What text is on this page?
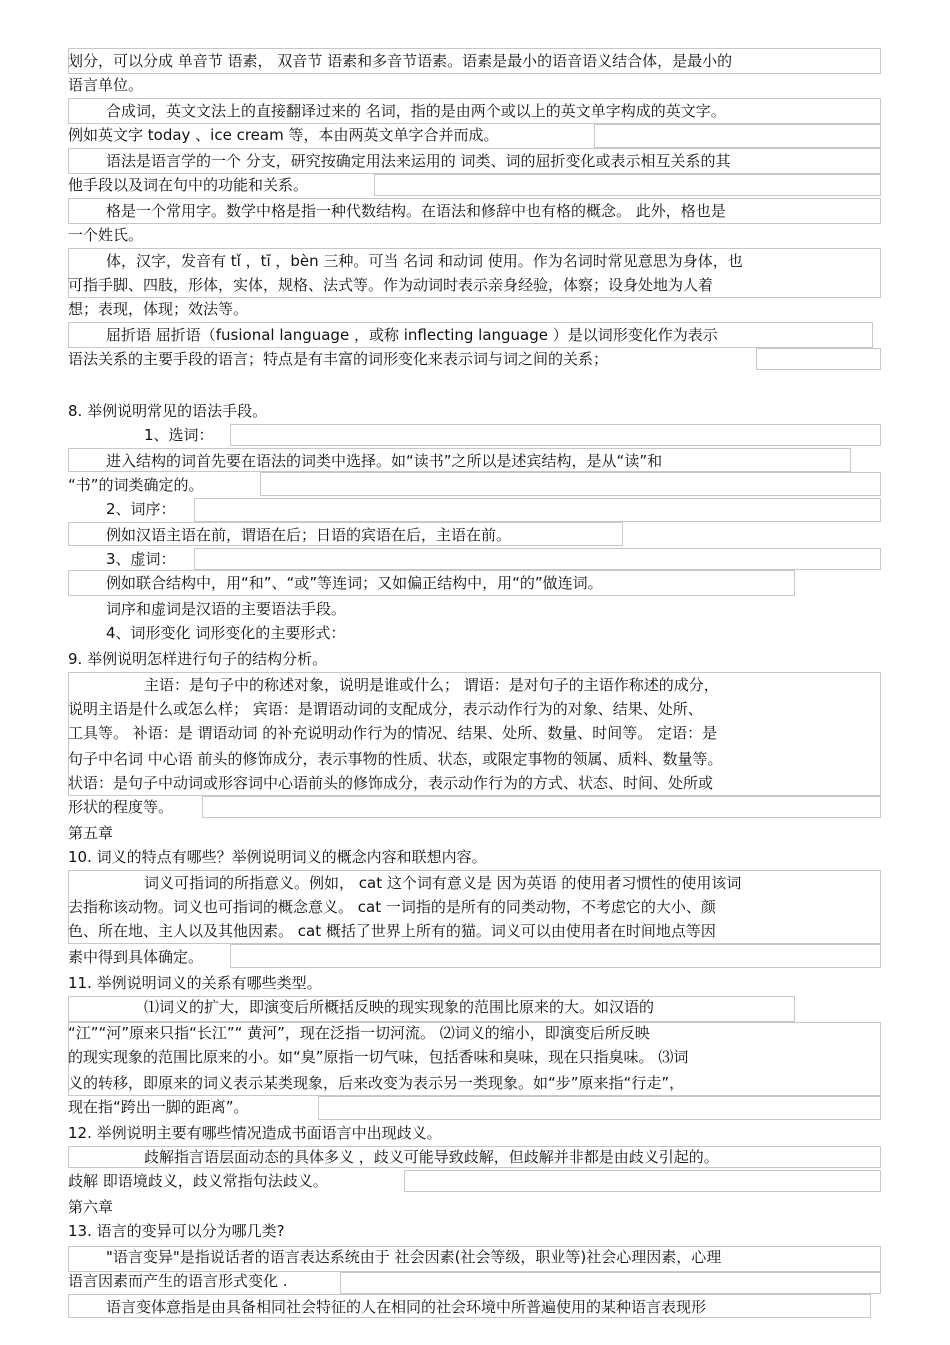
划分，可以分成 单音节 语素， 双音节 语素和多音节语素。语素是最小的语音语义结合体，是最小的
语言单位。
合成词，英文文法上的直接翻译过来的 名词，指的是由两个或以上的英文单字构成的英文字。
例如英文字 today 、ice cream 等，本由两英文单字合并而成。
语法是语言学的一个 分支，研究按确定用法来运用的 词类、词的屈折变化或表示相互关系的其
他手段以及词在句中的功能和关系。
格是一个常用字。数学中格是指一种代数结构。在语法和修辞中也有格的概念。 此外，格也是
一个姓氏。
体，汉字，发音有 tǐ ，tī ，bèn 三种。可当 名词 和动词 使用。作为名词时常见意思为身体，也
可指手脚、四肢，形体，实体，规格、法式等。作为动词时表示亲身经验，体察；设身处地为人着
想；表现，体现；效法等。
屈折语 屈折语（fusional language ，或称 inflecting language ）是以词形变化作为表示
语法关系的主要手段的语言；特点是有丰富的词形变化来表示词与词之间的关系；
8. 举例说明常见的语法手段。
1、选词：
进入结构的词首先要在语法的词类中选择。如“读书”之所以是述宾结构，是从“读”和
“书”的词类确定的。
2、词序：
例如汉语主语在前，谓语在后；日语的宾语在后，主语在前。
3、虚词：
例如联合结构中，用“和”、“或”等连词；又如偏正结构中，用“的”做连词。
词序和虚词是汉语的主要语法手段。
4、词形变化 词形变化的主要形式：
9. 举例说明怎样进行句子的结构分析。
主语：是句子中的称述对象，说明是谁或什么； 谓语：是对句子的主语作称述的成分，
说明主语是什么或怎么样； 宾语：是谓语动词的支配成分，表示动作行为的对象、结果、处所、
工具等。 补语：是 谓语动词 的补充说明动作行为的情况、结果、处所、数量、时间等。 定语：是
句子中名词 中心语 前头的修饰成分，表示事物的性质、状态，或限定事物的领属、质料、数量等。
状语：是句子中动词或形容词中心语前头的修饰成分，表示动作行为的方式、状态、时间、处所或
形状的程度等。
第五章
10. 词义的特点有哪些？举例说明词义的概念内容和联想内容。
词义可指词的所指意义。例如， cat 这个词有意义是 因为英语 的使用者习惯性的使用该词
去指称该动物。词义也可指词的概念意义。 cat 一词指的是所有的同类动物，不考虑它的大小、颜
色、所在地、主人以及其他因素。 cat 概括了世界上所有的猫。词义可以由使用者在时间地点等因
素中得到具体确定。
11. 举例说明词义的关系有哪些类型。
⑴词义的扩大，即演变后所概括反映的现实现象的范围比原来的大。如汉语的
“江”“河”原来只指“长江”“ 黄河”，现在泛指一切河流。 ⑵词义的缩小，即演变后所反映
的现实现象的范围比原来的小。如“臭”原指一切气味，包括香味和臭味，现在只指臭味。 ⑶词
义的转移，即原来的词义表示某类现象，后来改变为表示另一类现象。如“步”原来指“行走”，
现在指“跨出一脚的距离”。
12. 举例说明主要有哪些情况造成书面语言中出现歧义。
歧解指言语层面动态的具体多义 ，歧义可能导致歧解，但歧解并非都是由歧义引起的。
歧解 即语境歧义，歧义常指句法歧义。
第六章
13. 语言的变异可以分为哪几类?
"语言变异"是指说话者的语言表达系统由于 社会因素(社会等级，职业等)社会心理因素，心理
语言因素而产生的语言形式变化 .
语言变体意指是由具备相同社会特征的人在相同的社会环境中所普遍使用的某种语言表现形
